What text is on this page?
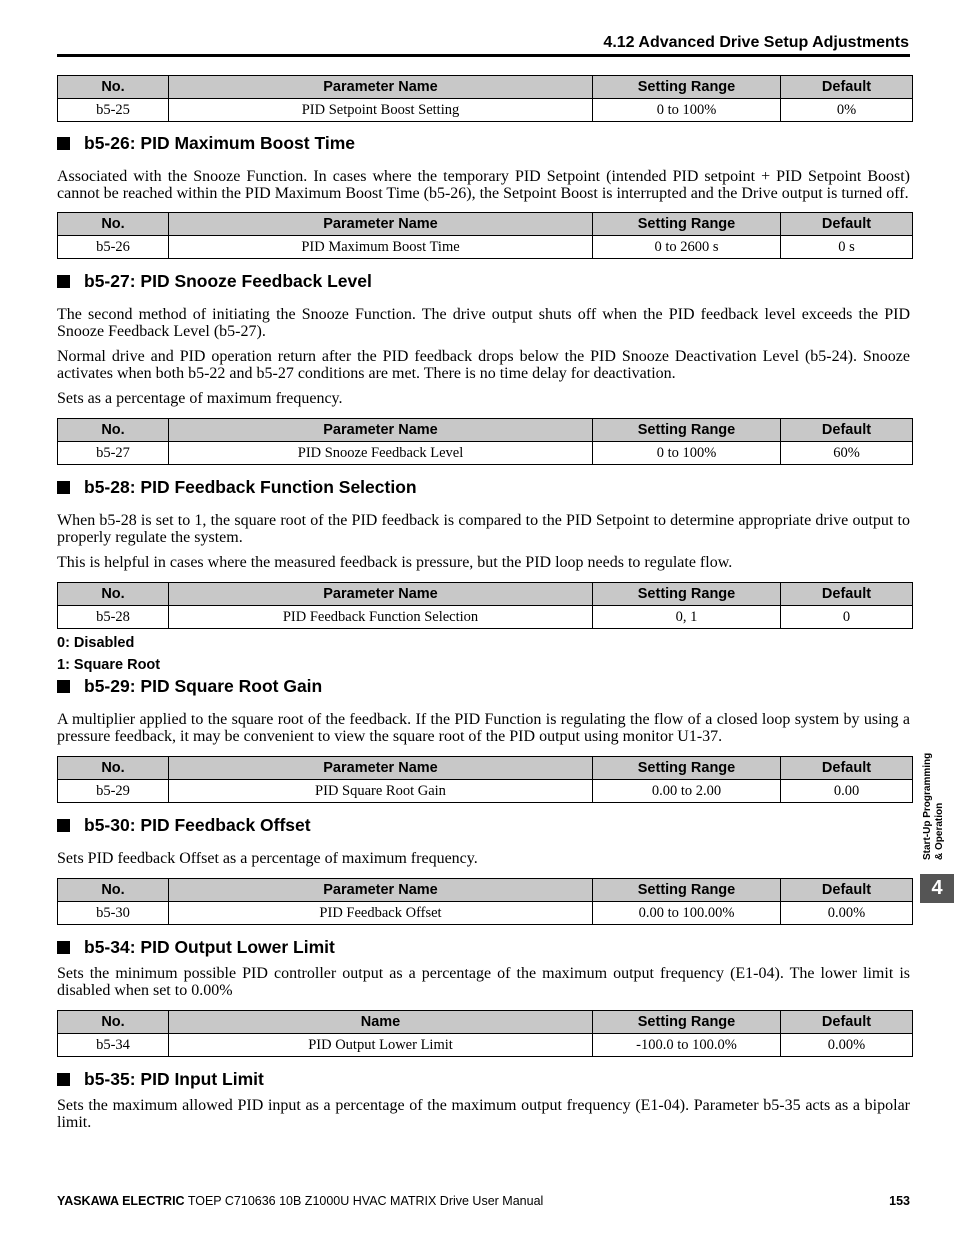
4.12 Advanced Drive Setup Adjustments
No.	Parameter Name	Setting Range	Default
b5-25	PID Setpoint Boost Setting	0 to 100%	0%
b5-26: PID Maximum Boost Time

Associated with the Snooze Function. In cases where the temporary PID Setpoint (intended PID setpoint + PID Setpoint Boost) cannot be reached within the PID Maximum Boost Time (b5-26), the Setpoint Boost is interrupted and the Drive output is turned off.

No.	Parameter Name	Setting Range	Default
b5-26	PID Maximum Boost Time	0 to 2600 s	0 s
b5-27: PID Snooze Feedback Level

The second method of initiating the Snooze Function. The drive output shuts off when the PID feedback level exceeds the PID Snooze Feedback Level (b5-27).

Normal drive and PID operation return after the PID feedback drops below the PID Snooze Deactivation Level (b5-24). Snooze activates when both b5-22 and b5-27 conditions are met. There is no time delay for deactivation.

Sets as a percentage of maximum frequency.

No.	Parameter Name	Setting Range	Default
b5-27	PID Snooze Feedback Level	0 to 100%	60%
b5-28: PID Feedback Function Selection

When b5-28 is set to 1, the square root of the PID feedback is compared to the PID Setpoint to determine appropriate drive output to properly regulate the system.

This is helpful in cases where the measured feedback is pressure, but the PID loop needs to regulate flow.

No.	Parameter Name	Setting Range	Default
b5-28	PID Feedback Function Selection	0, 1	0
0: Disabled
1: Square Root
b5-29: PID Square Root Gain

A multiplier applied to the square root of the feedback. If the PID Function is regulating the flow of a closed loop system by using a pressure feedback, it may be convenient to view the square root of the PID output using monitor U1-37.

No.	Parameter Name	Setting Range	Default
b5-29	PID Square Root Gain	0.00 to 2.00	0.00
b5-30: PID Feedback Offset

Sets PID feedback Offset as a percentage of maximum frequency.

No.	Parameter Name	Setting Range	Default
b5-30	PID Feedback Offset	0.00 to 100.00%	0.00%
b5-34: PID Output Lower Limit

Sets the minimum possible PID controller output as a percentage of the maximum output frequency (E1-04). The lower limit is disabled when set to 0.00%

No.	Name	Setting Range	Default
b5-34	PID Output Lower Limit	-100.0 to 100.0%	0.00%
b5-35: PID Input Limit

Sets the maximum allowed PID input as a percentage of the maximum output frequency (E1-04). Parameter b5-35 acts as a bipolar limit.

Start-Up Programming & Operation
4
YASKAWA ELECTRIC TOEP C710636 10B Z1000U HVAC MATRIX Drive User Manual	153
